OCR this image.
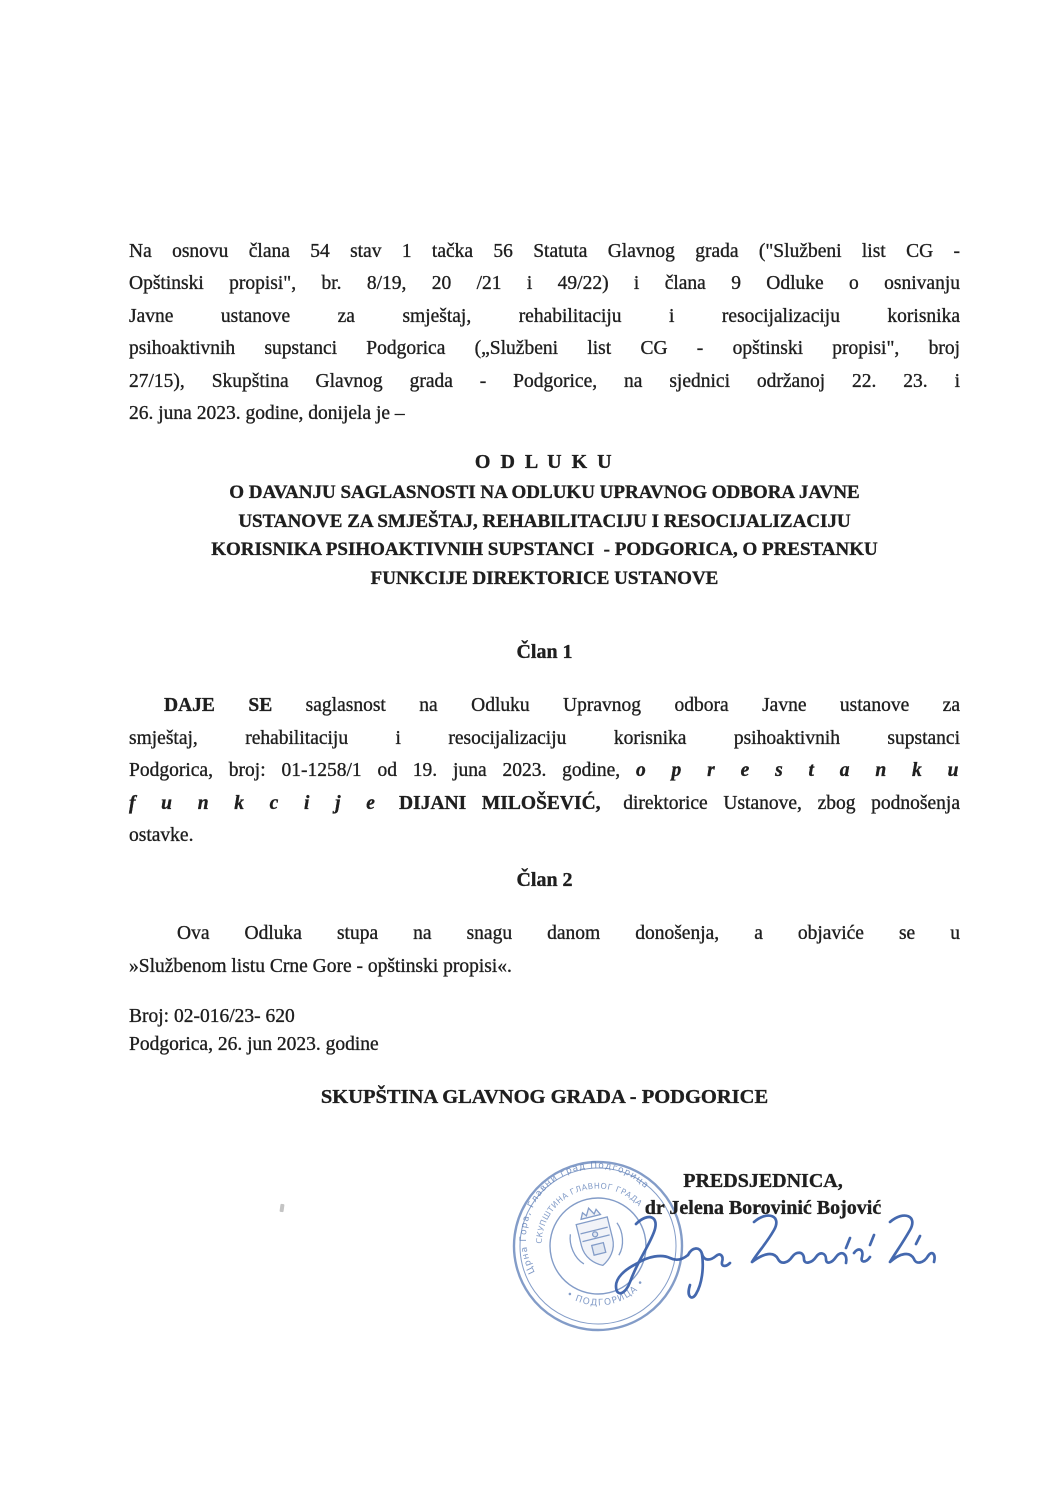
Na osnovu člana 54 stav 1 tačka 56 Statuta Glavnog grada ("Službeni list CG -
Opštinski propisi", br. 8/19, 20 /21 i 49/22) i člana 9 Odluke o osnivanju
Javne ustanove za smještaj, rehabilitaciju i resocijalizaciju korisnika
psihoaktivnih supstanci Podgorica („Službeni list CG - opštinski propisi", broj
27/15), Skupština Glavnog grada - Podgorice, na sjednici održanoj 22. 23. i
26. juna 2023. godine, donijela je –
O D L U K U
O DAVANJU SAGLASNOSTI NA ODLUKU UPRAVNOG ODBORA JAVNE
USTANOVE ZA SMJEŠTAJ, REHABILITACIJU I RESOCIJALIZACIJU
KORISNIKA PSIHOAKTIVNIH SUPSTANCI  - PODGORICA, O PRESTANKU
FUNKCIJE DIREKTORICE USTANOVE
Član 1
DAJE SE saglasnost na Odluku Upravnog odbora Javne ustanove za
smještaj, rehabilitaciju i resocijalizaciju korisnika psihoaktivnih supstanci
Podgorica, broj: 01-1258/1 od 19. juna 2023. godine, o p r e s t a n k u
f u n k c i j e DIJANI MILOŠEVIĆ, direktorice Ustanove, zbog podnošenja
ostavke.
Član 2
Ova Odluka stupa na snagu danom donošenja, a objaviće se u
»Službenom listu Crne Gore - opštinski propisi«.
Broj: 02-016/23- 620
Podgorica, 26. jun 2023. godine
SKUPŠTINA GLAVNOG GRADA - PODGORICE
Црна Гора, Главни град Подгорица
СКУПШТИНА ГЛАВНОГ ГРАДА
• ПОДГОРИЦА •
PREDSJEDNICA,
dr Jelena Borovinić Bojović
